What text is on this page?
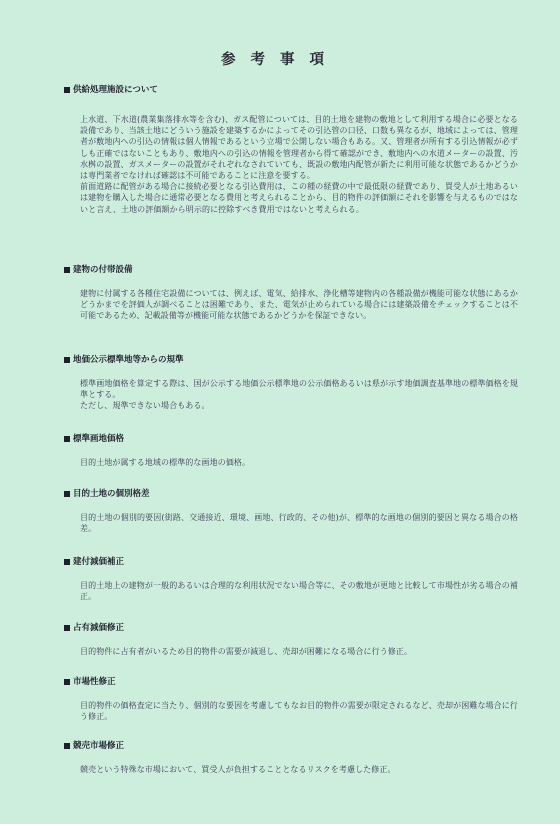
参考事項
供給処理施設について

上水道、下水道(農業集落排水等を含む)、ガス配管については、目的土地を建物の敷地として利用する場合に必要となる設備であり、当該土地にどういう施設を建築するかによってその引込管の口径、口数も異なるが、地域によっては、管理者が敷地内への引込の情報は個人情報であるという立場で公開しない場合もある。又、管理者が所有する引込情報が必ずしも正確ではないこともあり、敷地内への引込の情報を管理者から得て確認ができ、敷地内への水道メーターの設置、汚水桝の設置、ガスメーターの設置がそれぞれなされていても、既設の敷地内配管が新たに利用可能な状態であるかどうかは専門業者でなければ確認は不可能であることに注意を要する。

前面道路に配管がある場合に接続必要となる引込費用は、この種の経費の中で最低限の経費であり、買受人が土地あるいは建物を購入した場合に通常必要となる費用と考えられることから、目的物件の評価額にそれを影響を与えるものではないと言え、土地の評価額から明示的に控除すべき費用ではないと考えられる。

建物の付帯設備

建物に付属する各種住宅設備については、例えば、電気、給排水、浄化槽等建物内の各種設備が機能可能な状態にあるかどうかまでを評価人が調べることは困難であり、また、電気が止められている場合には建築設備をチェックすることは不可能であるため、記載設備等が機能可能な状態であるかどうかを保証できない。

地価公示標準地等からの規準

標準画地価格を算定する際は、国が公示する地価公示標準地の公示価格あるいは県が示す地価調査基準地の標準価格を規準とする。

ただし、規準できない場合もある。

標準画地価格

目的土地が属する地域の標準的な画地の価格。

目的土地の個別格差

目的土地の個別的要因(街路、交通接近、環境、画地、行政的、その他)が、標準的な画地の個別的要因と異なる場合の格差。

建付減価補正

目的土地上の建物が一般的あるいは合理的な利用状況でない場合等に、その敷地が更地と比較して市場性が劣る場合の補正。

占有減価修正

目的物件に占有者がいるため目的物件の需要が減退し、売却が困難になる場合に行う修正。

市場性修正

目的物件の価格査定に当たり、個別的な要因を考慮してもなお目的物件の需要が限定されるなど、売却が困難な場合に行う修正。

競売市場修正

競売という特殊な市場において、買受人が負担することとなるリスクを考慮した修正。
